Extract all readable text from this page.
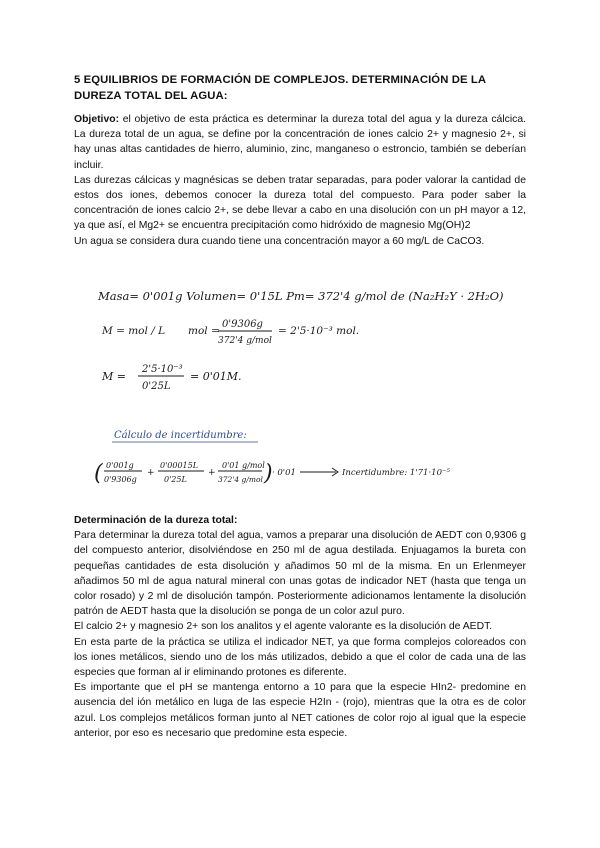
5 EQUILIBRIOS DE FORMACIÓN DE COMPLEJOS. DETERMINACIÓN DE LA DUREZA TOTAL DEL AGUA:

Objetivo: el objetivo de esta práctica es determinar la dureza total del agua y la dureza cálcica. La dureza total de un agua, se define por la concentración de iones calcio 2+ y magnesio 2+, si hay unas altas cantidades de hierro, aluminio, zinc, manganeso o estroncio, también se deberían incluir.

Las durezas cálcicas y magnésicas se deben tratar separadas, para poder valorar la cantidad de estos dos iones, debemos conocer la dureza total del compuesto. Para poder saber la concentración de iones calcio 2+, se debe llevar a cabo en una disolución con un pH mayor a 12, ya que así, el Mg2+ se encuentra precipitación como hidróxido de magnesio Mg(OH)2

Un agua se considera dura cuando tiene una concentración mayor a 60 mg/L de CaCO3.

Masa= 0'001g Volumen= 0'15L Pm= 372'4 g/mol de (Na₂H₂Y · 2H₂O)
M = mol / L mol =
0'9306g
372'4 g/mol
= 2'5·10⁻³ mol.
M =
2'5·10⁻³
0'25L
= 0'01M.
Cálculo de incertidumbre:
( 0'001g
0'9306g
+
0'00015L
0'25L
+
0'01 g/mol
372'4 g/mol ) · 0'01	Incertidumbre: 1'71·10⁻⁵

Determinación de la dureza total:

Para determinar la dureza total del agua, vamos a preparar una disolución de AEDT con 0,9306 g del compuesto anterior, disolviéndose en 250 ml de agua destilada. Enjuagamos la bureta con pequeñas cantidades de esta disolución y añadimos 50 ml de la misma. En un Erlenmeyer añadimos 50 ml de agua natural mineral con unas gotas de indicador NET (hasta que tenga un color rosado) y 2 ml de disolución tampón. Posteriormente adicionamos lentamente la disolución patrón de AEDT hasta que la disolución se ponga de un color azul puro.

El calcio 2+ y magnesio 2+ son los analitos y el agente valorante es la disolución de AEDT.

En esta parte de la práctica se utiliza el indicador NET, ya que forma complejos coloreados con los iones metálicos, siendo uno de los más utilizados, debido a que el color de cada una de las especies que forman al ir eliminando protones es diferente.

Es importante que el pH se mantenga entorno a 10 para que la especie HIn2- predomine en ausencia del ión metálico en luga de las especie H2In - (rojo), mientras que la otra es de color azul. Los complejos metálicos forman junto al NET cationes de color rojo al igual que la especie anterior, por eso es necesario que predomine esta especie.
